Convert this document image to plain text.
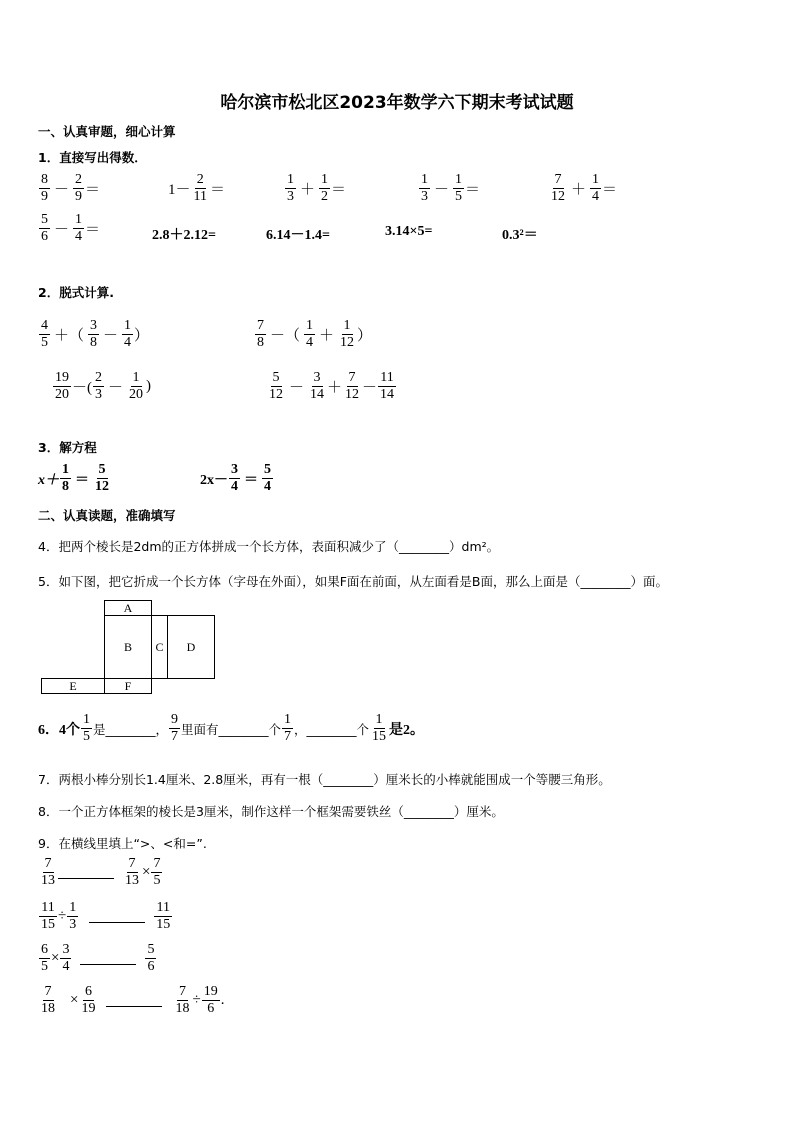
哈尔滨市松北区2023年数学六下期末考试试题
一、认真审题，细心计算
1．直接写出得数．
$\frac{8}{9} - \frac{2}{9}$ ＝	$1- \frac{2}{11}$ ＝	$\frac{1}{3} + \frac{1}{2}$ ＝	$\frac{1}{3} - \frac{1}{5}$ ＝	$\frac{7}{12} + \frac{1}{4}$ ＝
$\frac{5}{6} - \frac{1}{4}$ ＝	2.8＋2.12=	6.14－1.4=	3.14×5=	0.3²＝
2．脱式计算.
$\frac{4}{5}$ ＋（ $\frac{3}{8} - \frac{1}{4}$ ）	$\frac{7}{8}$ －（ $\frac{1}{4} + \frac{1}{12}$ ）
$\frac{19}{20}$ －( $\frac{2}{3} - \frac{1}{20}$ )	$\frac{5}{12} - \frac{3}{14} + \frac{7}{12} - \frac{11}{14}$
3．解方程
$x+ \frac{1}{8} = \frac{5}{12}$	$2x- \frac{3}{4} = \frac{5}{4}$
二、认真读题，准确填写
4．把两个棱长是2dm的正方体拼成一个长方体，表面积减少了（________）dm²。
5．如下图，把它折成一个长方体（字母在外面），如果F面在前面，从左面看是B面，那么上面是（________）面。
A
B C D
E	F
6．4个 $\frac{1}{5}$ 是________， $\frac{9}{7}$ 里面有________个 $\frac{1}{7}$ ，________个 $\frac{1}{15}$ 是2。
7．两根小棒分别长1.4厘米、2.8厘米，再有一根（________）厘米长的小棒就能围成一个等腰三角形。
8．一个正方体框架的棱长是3厘米，制作这样一个框架需要铁丝（________）厘米。
9．在横线里填上“>、<和=”.
$\frac{7}{13}$	$\frac{7}{13} \times \frac{7}{5}$
$\frac{11}{15} \div \frac{1}{3}$	$\frac{11}{15}$
$\frac{6}{5} \times \frac{3}{4}$	$\frac{5}{6}$
$\frac{7}{18} \times \frac{6}{19}$	$\frac{7}{18} \div \frac{19}{6}$ .
